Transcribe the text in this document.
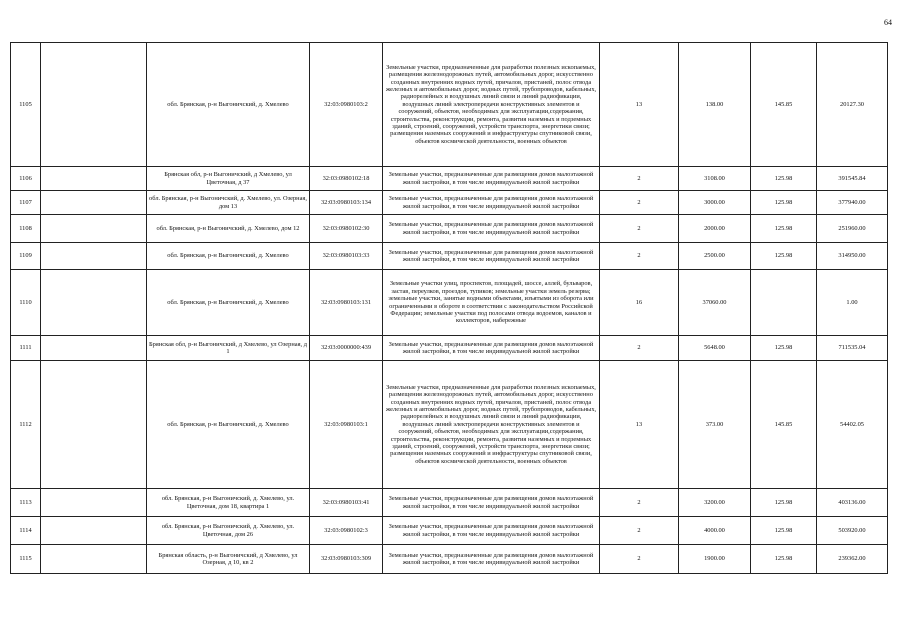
64
1105		обл. Брянская, р-н Выгоничский, д. Хмелево	32:03:0980103:2	Земельные участки, предназначенные для разработки полезных ископаемых, размещения железнодорожных путей, автомобильных дорог, искусственно созданных внутренних водных путей, причалов, пристаней, полос отвода железных и автомобильных дорог, водных путей, трубопроводов, кабельных, радиорелейных и воздушных линий связи и линий радиофикации, воздушных линий электропередачи конструктивных элементов и сооружений, объектов, необходимых для эксплуатации,содержания, строительства, реконструкции, ремонта, развития наземных и подземных зданий, строений, сооружений, устройств транспорта, энергетики связи; размещения наземных сооружений и инфраструктуры спутниковой связи, объектов космической деятельности, военных объектов	13	138.00	145.85	20127.30
1106		Брянская обл, р-н Выгоничский, д Хмелево, ул Цветочная, д 37	32:03:0980102:18	Земельные участки, предназначенные для размещения домов малоэтажной жилой застройки, в том числе индивидуальной жилой застройки	2	3108.00	125.98	391545.84
1107		обл. Брянская, р-н Выгоничский, д. Хмелево, ул. Озерная, дом 13	32:03:0980103:134	Земельные участки, предназначенные для размещения домов малоэтажной жилой застройки, в том числе индивидуальной жилой застройки	2	3000.00	125.98	377940.00
1108		обл. Брянская, р-н Выгоничский, д. Хмелево, дом 12	32:03:0980102:30	Земельные участки, предназначенные для размещения домов малоэтажной жилой застройки, в том числе индивидуальной жилой застройки	2	2000.00	125.98	251960.00
1109		обл. Брянская, р-н Выгоничский, д. Хмелево	32:03:0980103:33	Земельные участки, предназначенные для размещения домов малоэтажной жилой застройки, в том числе индивидуальной жилой застройки	2	2500.00	125.98	314950.00
1110		обл. Брянская, р-н Выгоничский, д. Хмелево	32:03:0980103:131	Земельные участки улиц, проспектов, площадей, шоссе, аллей, бульваров, застав, переулков, проездов, тупиков; земельные участки земель резерва; земельные участки, занятые водными объектами, изъятыми из оборота или ограниченными в обороте в соответствии с законодательством Российской Федерации; земельные участки под полосами отвода водоемов, каналов и коллекторов, набережные	16	37060.00		1.00
1111		Брянская обл, р-н Выгоничский, д Хмелево, ул Озерная, д 1	32:03:0000000:439	Земельные участки, предназначенные для размещения домов малоэтажной жилой застройки, в том числе индивидуальной жилой застройки	2	5648.00	125.98	711535.04
1112		обл. Брянская, р-н Выгоничский, д. Хмелево	32:03:0980103:1	Земельные участки, предназначенные для разработки полезных ископаемых, размещения железнодорожных путей, автомобильных дорог, искусственно созданных внутренних водных путей, причалов, пристаней, полос отвода железных и автомобильных дорог, водных путей, трубопроводов, кабельных, радиорелейных и воздушных линий связи и линий радиофикации, воздушных линий электропередачи конструктивных элементов и сооружений, объектов, необходимых для эксплуатации,содержания, строительства, реконструкции, ремонта, развития наземных и подземных зданий, строений, сооружений, устройств транспорта, энергетики связи; размещения наземных сооружений и инфраструктуры спутниковой связи, объектов космической деятельности, военных объектов	13	373.00	145.85	54402.05
1113		обл. Брянская, р-н Выгоничский, д. Хмелево, ул. Цветочная, дом 18, квартира 1	32:03:0980103:41	Земельные участки, предназначенные для размещения домов малоэтажной жилой застройки, в том числе индивидуальной жилой застройки	2	3200.00	125.98	403136.00
1114		обл. Брянская, р-н Выгоничский, д. Хмелево, ул. Цветочная, дом 26	32:03:0980102:3	Земельные участки, предназначенные для размещения домов малоэтажной жилой застройки, в том числе индивидуальной жилой застройки	2	4000.00	125.98	503920.00
1115		Брянская область, р-н Выгоничский, д Хмелево, ул Озерная, д 10, кв 2	32:03:0980103:309	Земельные участки, предназначенные для размещения домов малоэтажной жилой застройки, в том числе индивидуальной жилой застройки	2	1900.00	125.98	239362.00
